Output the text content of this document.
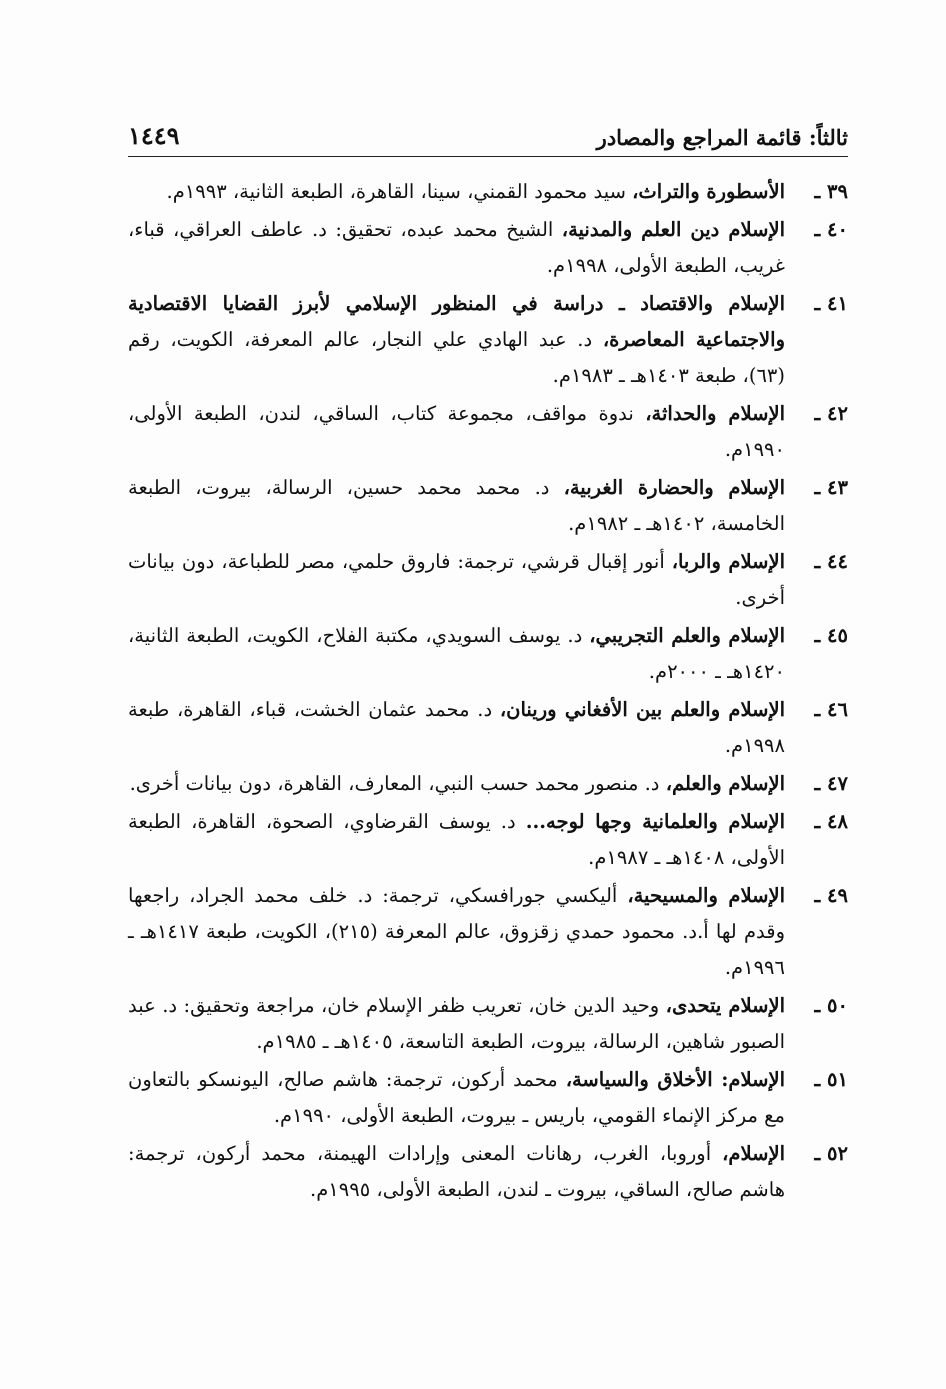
ثالثاً: قائمة المراجع والمصادر
١٤٤٩
٣٩ ـ
الأسطورة والتراث، سيد محمود القمني، سينا، القاهرة، الطبعة الثانية، ١٩٩٣م.
٤٠ ـ
الإسلام دين العلم والمدنية، الشيخ محمد عبده، تحقيق: د. عاطف العراقي، قباء، غريب، الطبعة الأولى، ١٩٩٨م.
٤١ ـ
الإسلام والاقتصاد ـ دراسة في المنظور الإسلامي لأبرز القضايا الاقتصادية والاجتماعية المعاصرة، د. عبد الهادي علي النجار، عالم المعرفة، الكويت، رقم (٦٣)، طبعة ١٤٠٣هـ ـ ١٩٨٣م.
٤٢ ـ
الإسلام والحداثة، ندوة مواقف، مجموعة كتاب، الساقي، لندن، الطبعة الأولى، ١٩٩٠م.
٤٣ ـ
الإسلام والحضارة الغربية، د. محمد محمد حسين، الرسالة، بيروت، الطبعة الخامسة، ١٤٠٢هـ ـ ١٩٨٢م.
٤٤ ـ
الإسلام والربا، أنور إقبال قرشي، ترجمة: فاروق حلمي، مصر للطباعة، دون بيانات أخرى.
٤٥ ـ
الإسلام والعلم التجريبي، د. يوسف السويدي، مكتبة الفلاح، الكويت، الطبعة الثانية، ١٤٢٠هـ ـ ٢٠٠٠م.
٤٦ ـ
الإسلام والعلم بين الأفغاني ورينان، د. محمد عثمان الخشت، قباء، القاهرة، طبعة ١٩٩٨م.
٤٧ ـ
الإسلام والعلم، د. منصور محمد حسب النبي، المعارف، القاهرة، دون بيانات أخرى.
٤٨ ـ
الإسلام والعلمانية وجها لوجه... د. يوسف القرضاوي، الصحوة، القاهرة، الطبعة الأولى، ١٤٠٨هـ ـ ١٩٨٧م.
٤٩ ـ
الإسلام والمسيحية، أليكسي جورافسكي، ترجمة: د. خلف محمد الجراد، راجعها وقدم لها أ.د. محمود حمدي زقزوق، عالم المعرفة (٢١٥)، الكويت، طبعة ١٤١٧هـ ـ ١٩٩٦م.
٥٠ ـ
الإسلام يتحدى، وحيد الدين خان، تعريب ظفر الإسلام خان، مراجعة وتحقيق: د. عبد الصبور شاهين، الرسالة، بيروت، الطبعة التاسعة، ١٤٠٥هـ ـ ١٩٨٥م.
٥١ ـ
الإسلام: الأخلاق والسياسة، محمد أركون، ترجمة: هاشم صالح، اليونسكو بالتعاون مع مركز الإنماء القومي، باريس ـ بيروت، الطبعة الأولى، ١٩٩٠م.
٥٢ ـ
الإسلام، أوروبا، الغرب، رهانات المعنى وإرادات الهيمنة، محمد أركون، ترجمة: هاشم صالح، الساقي، بيروت ـ لندن، الطبعة الأولى، ١٩٩٥م.
